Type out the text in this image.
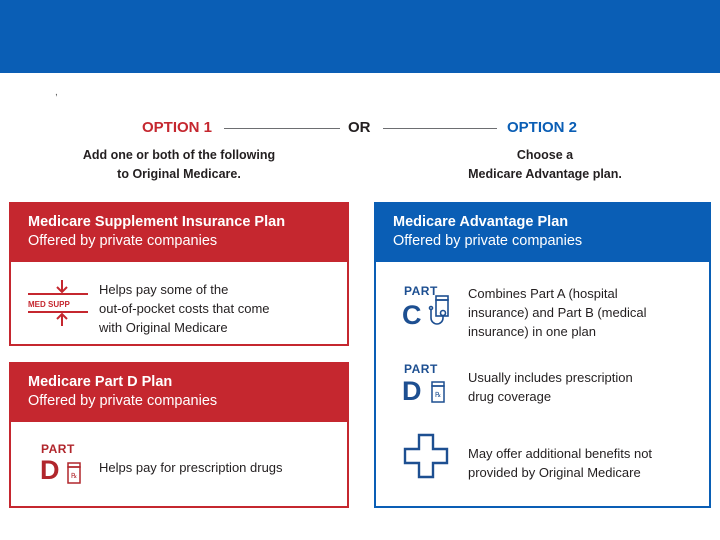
,
OPTION 1	OR	OPTION 2
Add one or both of the following
to Original Medicare.
Choose a
Medicare Advantage plan.
Medicare Supplement Insurance Plan
Offered by private companies
MED SUPP
Helps pay some of the
out-of-pocket costs that come
with Original Medicare
Medicare Part D Plan
Offered by private companies
PART
D ℞
Helps pay for prescription drugs
Medicare Advantage Plan
Offered by private companies
PART
C
Combines Part A (hospital
insurance) and Part B (medical
insurance) in one plan
PART
D ℞
Usually includes prescription
drug coverage
May offer additional benefits not
provided by Original Medicare
